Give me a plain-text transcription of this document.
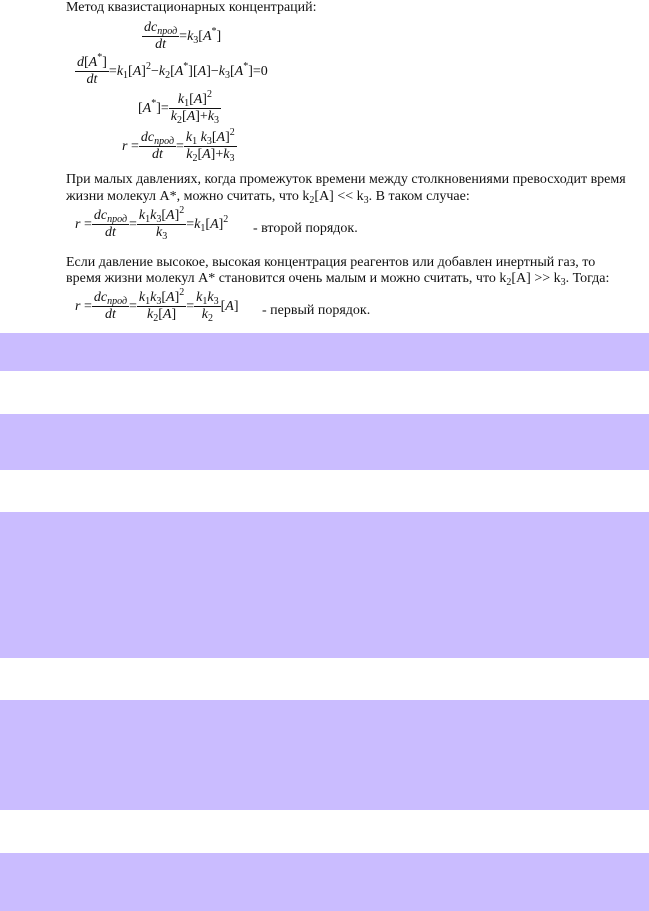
Метод квазистационарных концентраций:
$\frac{dc_{прод}}{dt} =k_3[A^*]$
$\frac{d[A^*]}{dt} =k_1[A]^2-k_2[A^*][A]-k_3[A^*]=0$
$[A^*]= \frac{k_1[A]^2}{k_2[A]+k_3}$
$r = \frac{dc_{прод}}{dt} = \frac{k_1 k_3[A]^2}{k_2[A]+k_3}$
При малых давлениях, когда промежуток времени между столкновениями превосходит время
жизни молекул А*, можно считать, что $k_2[A] << k_3$. В таком случае:
$r = \frac{dc_{прод}}{dt} = \frac{k_1k_3[A]^2}{k_3} =k_1[A]^2$
- второй порядок.
Если давление высокое, высокая концентрация реагентов или добавлен инертный газ, то
время жизни молекул А* становится очень малым и можно считать, что $k_2[A] >> k_3$. Тогда:
$r = \frac{dc_{прод}}{dt} = \frac{k_1k_3[A]^2}{k_2[A]} = \frac{k_1k_3}{k_2} [A]$ - первый порядок.
